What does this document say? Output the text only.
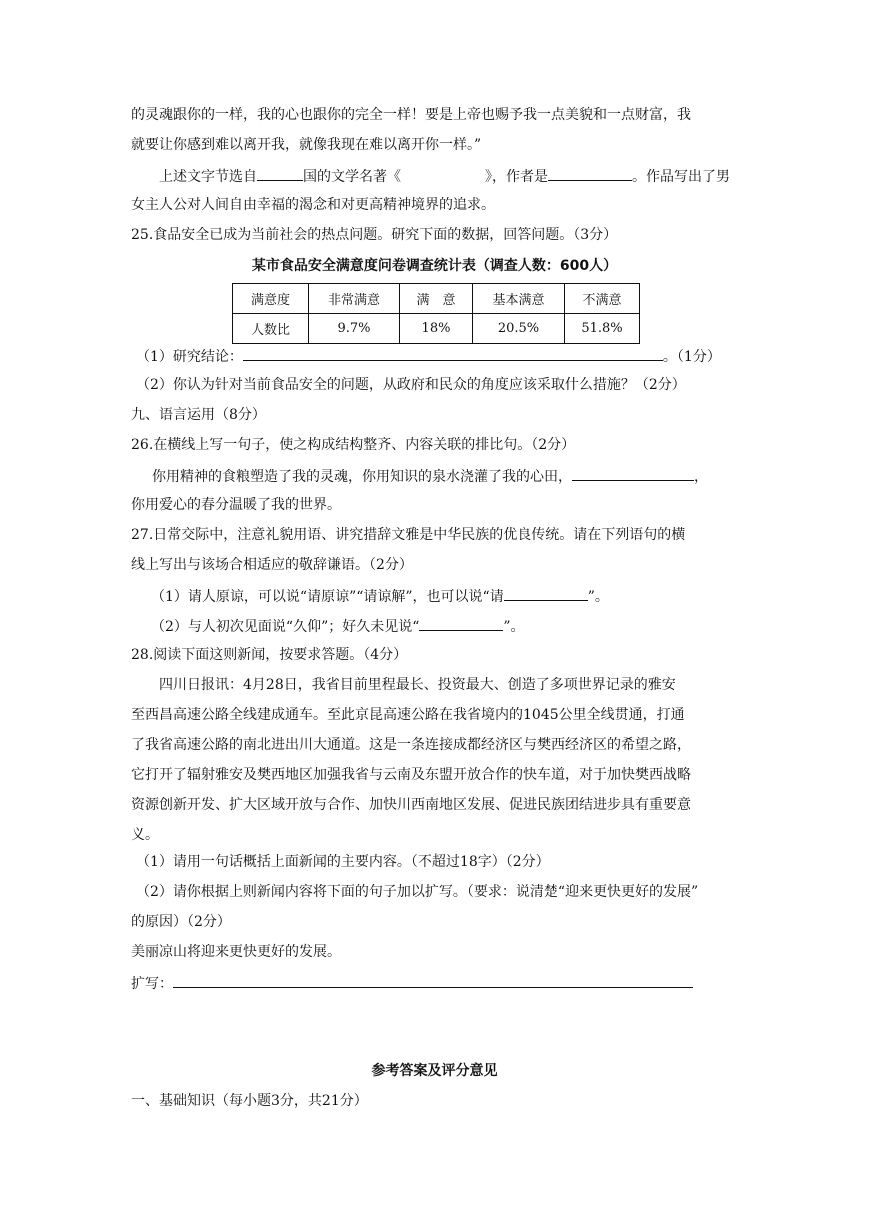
的灵魂跟你的一样，我的心也跟你的完全一样！要是上帝也赐予我一点美貌和一点财富，我
就要让你感到难以离开我，就像我现在难以离开你一样。”
上述文字节选自	国的文学名著《	》，作者是	。作品写出了男
女主人公对人间自由幸福的渴念和对更高精神境界的追求。
25.食品安全已成为当前社会的热点问题。研究下面的数据，回答问题。（3分）
某市食品安全满意度问卷调查统计表（调查人数：600人）
满意度	非常满意	满　意	基本满意	不满意
人数比	9.7%	18%	20.5%	51.8%
（1）研究结论：	。（1分）
（2）你认为针对当前食品安全的问题，从政府和民众的角度应该采取什么措施？（2分）
九、语言运用（8分）
26.在横线上写一句子，使之构成结构整齐、内容关联的排比句。（2分）
你用精神的食粮塑造了我的灵魂，你用知识的泉水浇灌了我的心田，	，
你用爱心的春分温暖了我的世界。
27.日常交际中，注意礼貌用语、讲究措辞文雅是中华民族的优良传统。请在下列语句的横
线上写出与该场合相适应的敬辞谦语。（2分）
（1）请人原谅，可以说“请原谅”“请谅解”，也可以说“请	”。
（2）与人初次见面说“久仰”；好久未见说“	”。
28.阅读下面这则新闻，按要求答题。（4分）
四川日报讯：4月28日，我省目前里程最长、投资最大、创造了多项世界记录的雅安
至西昌高速公路全线建成通车。至此京昆高速公路在我省境内的1045公里全线贯通，打通
了我省高速公路的南北进出川大通道。这是一条连接成都经济区与樊西经济区的希望之路，
它打开了辐射雅安及樊西地区加强我省与云南及东盟开放合作的快车道，对于加快樊西战略
资源创新开发、扩大区域开放与合作、加快川西南地区发展、促进民族团结进步具有重要意
义。
（1）请用一句话概括上面新闻的主要内容。（不超过18字）（2分）
（2）请你根据上则新闻内容将下面的句子加以扩写。（要求：说清楚“迎来更快更好的发展”
的原因）（2分）
美丽凉山将迎来更快更好的发展。
扩写：
参考答案及评分意见
一、基础知识（每小题3分，共21分）
